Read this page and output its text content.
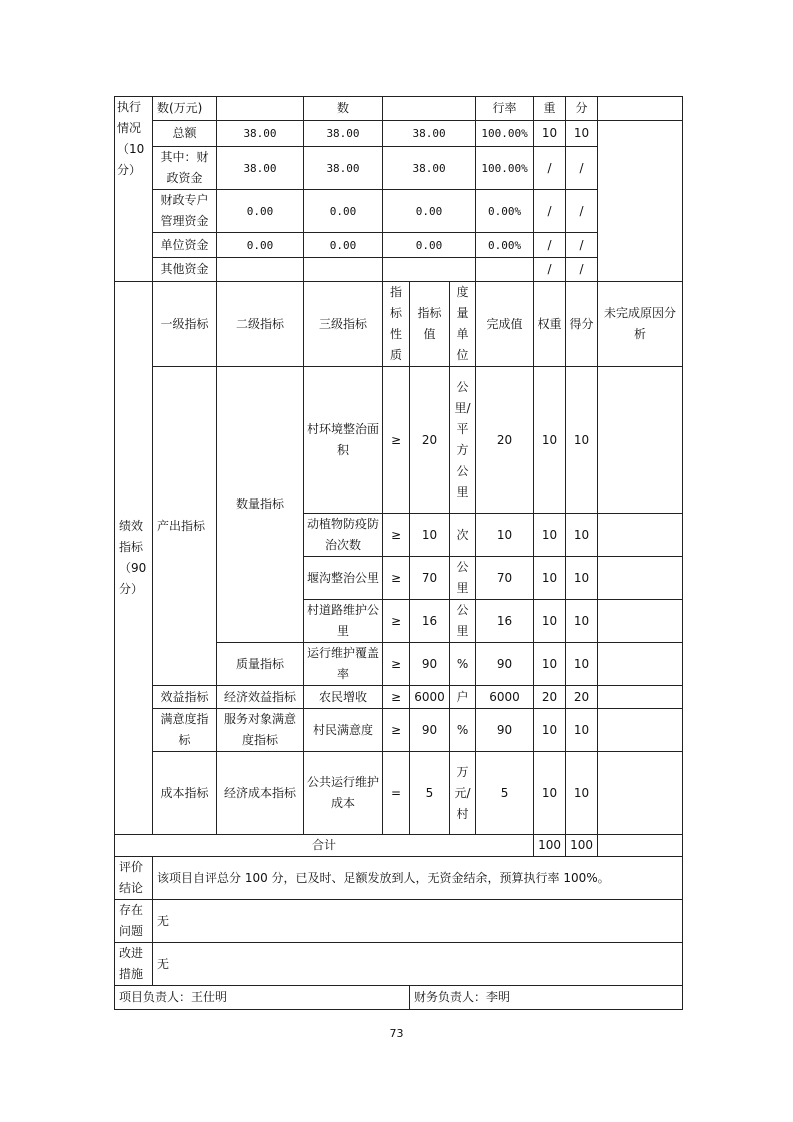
执行情况（10分）	数(万元)		数				行率	重	分	
	总额	38.00	38.00	38.00			100.00%	10	10	
	其中：财政资金	38.00	38.00	38.00			100.00%	/	/	
	财政专户管理资金	0.00	0.00	0.00			0.00%	/	/	
	单位资金	0.00	0.00	0.00			0.00%	/	/	
	其他资金							/	/	
绩效指标（90分）	一级指标	二级指标	三级指标	指标性质	指标值	度量单位	完成值	权重	得分	未完成原因分析
	产出指标	数量指标	村环境整治面积	≥	20	公里/平方公里	20	10	10	
			动植物防疫防治次数	≥	10	次	10	10	10	
			堰沟整治公里	≥	70	公里	70	10	10	
			村道路维护公里	≥	16	公里	16	10	10	
		质量指标	运行维护覆盖率	≥	90	%	90	10	10	
	效益指标	经济效益指标	农民增收	≥	6000	户	6000	20	20	
	满意度指标	服务对象满意度指标	村民满意度	≥	90	%	90	10	10	
	成本指标	经济成本指标	公共运行维护成本	=	5	万元/村	5	10	10	
合计								100	100	
评价结论	该项目自评总分 100 分，已及时、足额发放到人，无资金结余，预算执行率 100%。									
存在问题	无									
改进措施	无									
项目负责人：王仕明					财务负责人：李明					
73
